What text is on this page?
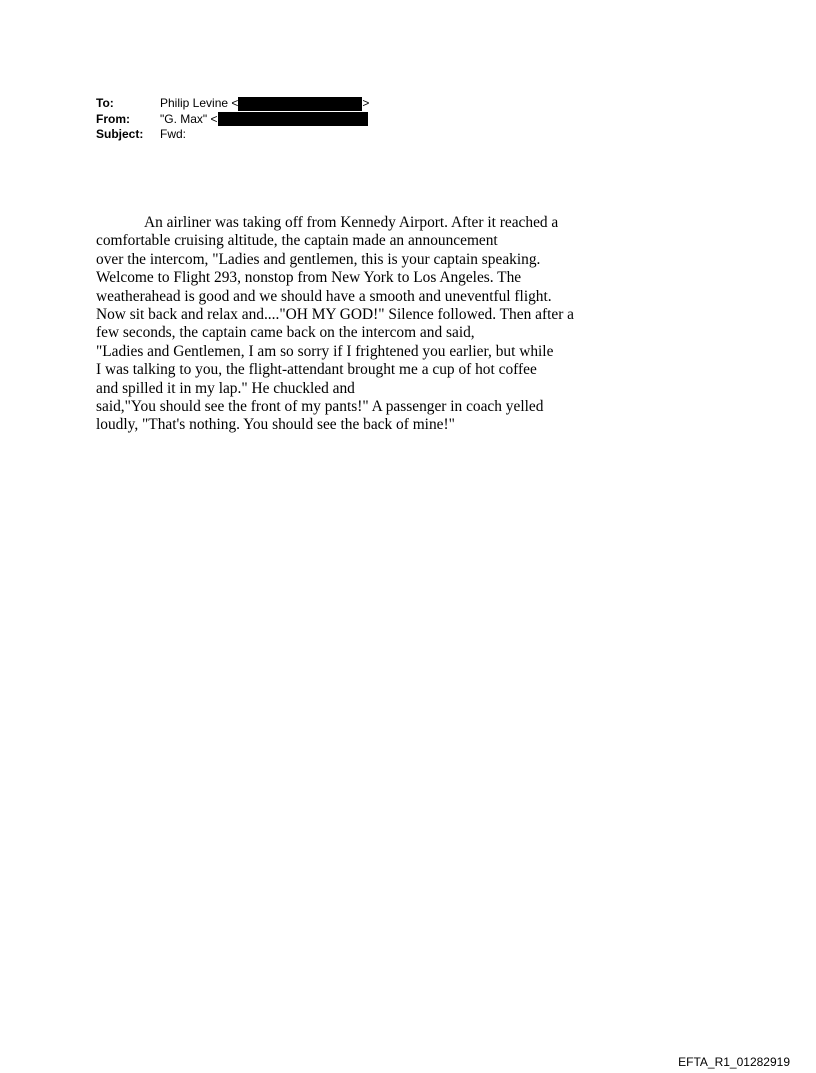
To:	Philip Levine <	>
From:	"G. Max" <
Subject:	Fwd:
An airliner was taking off from Kennedy Airport. After it reached a
comfortable cruising altitude, the captain made an announcement
over the intercom, "Ladies and gentlemen, this is your captain speaking.
Welcome to Flight 293, nonstop from New York to Los Angeles. The
weatherahead is good and we should have a smooth and uneventful flight.
Now sit back and relax and...."OH MY GOD!" Silence followed. Then after a
few seconds, the captain came back on the intercom and said,
"Ladies and Gentlemen, I am so sorry if I frightened you earlier, but while
I was talking to you, the flight-attendant brought me a cup of hot coffee
and spilled it in my lap." He chuckled and
said,"You should see the front of my pants!" A passenger in coach yelled
loudly, "That's nothing. You should see the back of mine!"
EFTA_R1_01282919
